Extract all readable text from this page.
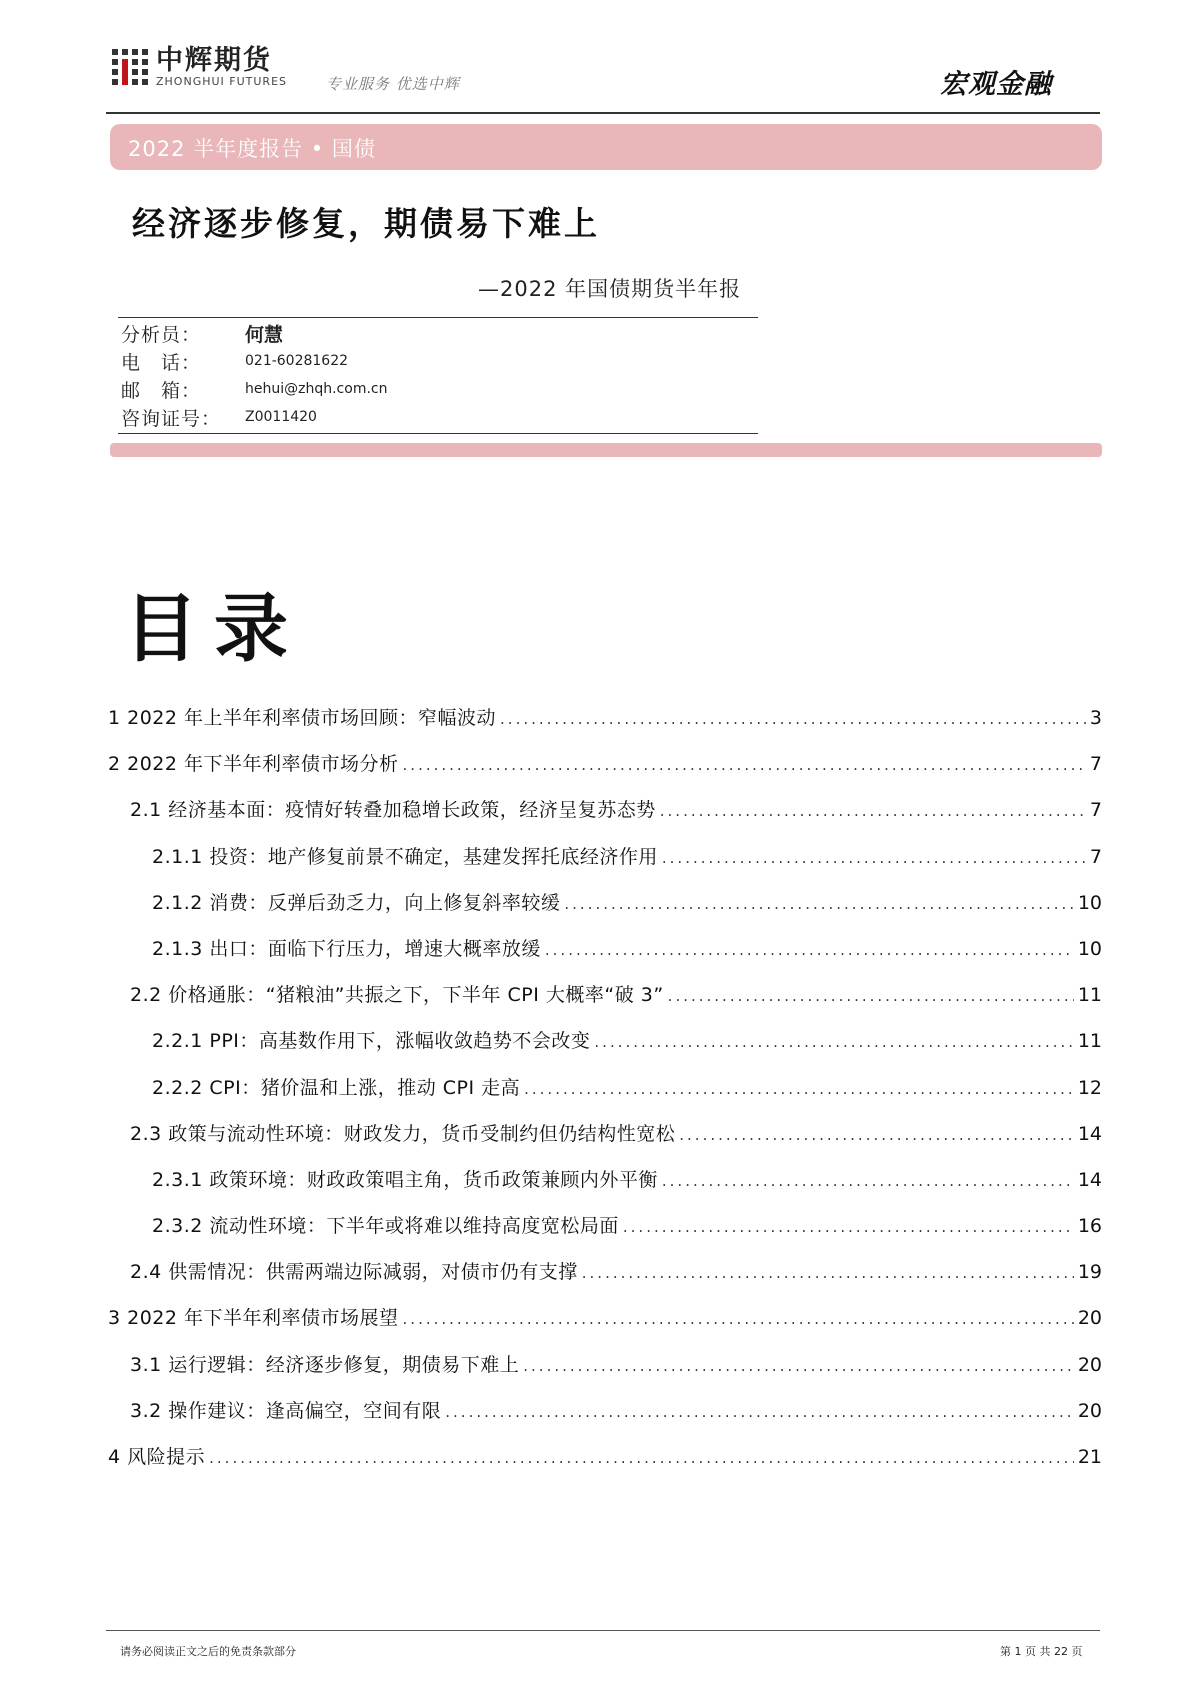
中辉期货
ZHONGHUI FUTURES	专业服务 优选中辉	宏观金融
2022 半年度报告 • 国债
经济逐步修复，期债易下难上
—2022 年国债期货半年报
分析员：	何慧
电　话：	021-60281622
邮　箱：	hehui@zhqh.com.cn
咨询证号：	Z0011420
目录
1 2022 年上半年利率债市场回顾：窄幅波动 .....	3
2 2022 年下半年利率债市场分析 .....	7
2.1 经济基本面：疫情好转叠加稳增长政策，经济呈复苏态势 .....	7
2.1.1 投资：地产修复前景不确定，基建发挥托底经济作用 .....	7
2.1.2 消费：反弹后劲乏力，向上修复斜率较缓 .....	10
2.1.3 出口：面临下行压力，增速大概率放缓 .....	10
2.2 价格通胀：“猪粮油”共振之下，下半年 CPI 大概率“破 3” .....	11
2.2.1 PPI：高基数作用下，涨幅收敛趋势不会改变 .....	11
2.2.2 CPI：猪价温和上涨，推动 CPI 走高 .....	12
2.3 政策与流动性环境：财政发力，货币受制约但仍结构性宽松 .....	14
2.3.1 政策环境：财政政策唱主角，货币政策兼顾内外平衡 .....	14
2.3.2 流动性环境：下半年或将难以维持高度宽松局面 .....	16
2.4 供需情况：供需两端边际减弱，对债市仍有支撑 .....	19
3 2022 年下半年利率债市场展望 .....	20
3.1 运行逻辑：经济逐步修复，期债易下难上 .....	20
3.2 操作建议：逢高偏空，空间有限 .....	20
4 风险提示 .....	21
请务必阅读正文之后的免责条款部分	第 1 页 共 22 页
